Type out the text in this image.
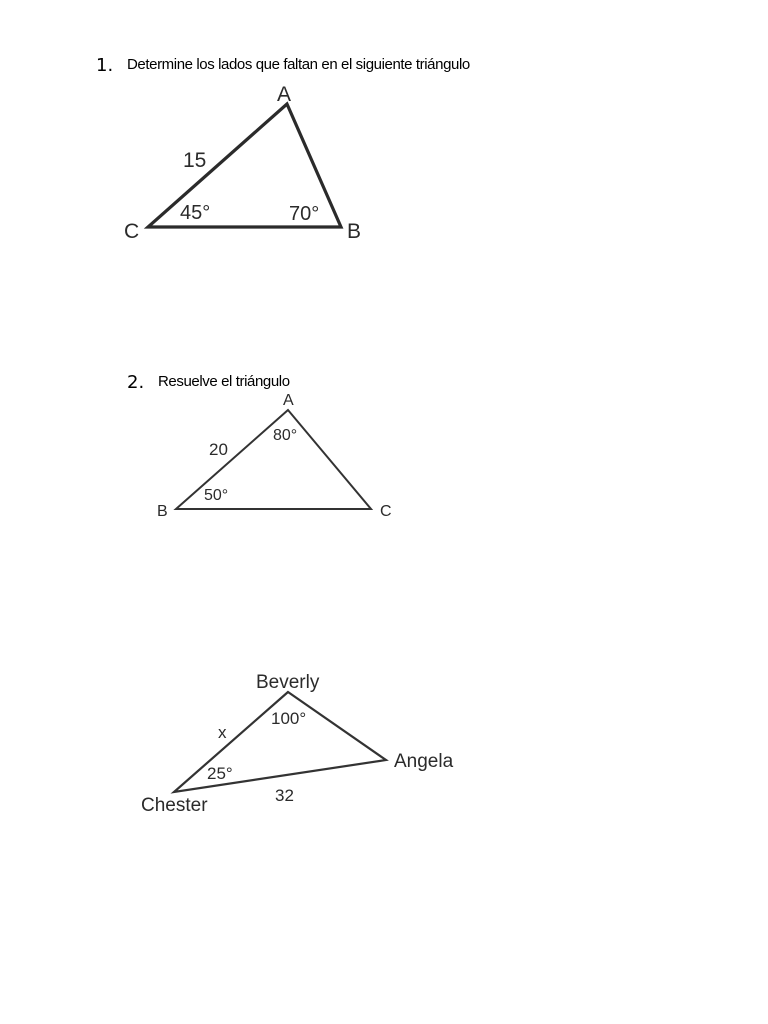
1. Determine los lados que faltan en el siguiente triángulo
A
C	B
15
45°	70°
2. Resuelve el triángulo
A
B	C
20
80°
50°
Beverly
Angela
Chester
x
32
100°
25°
